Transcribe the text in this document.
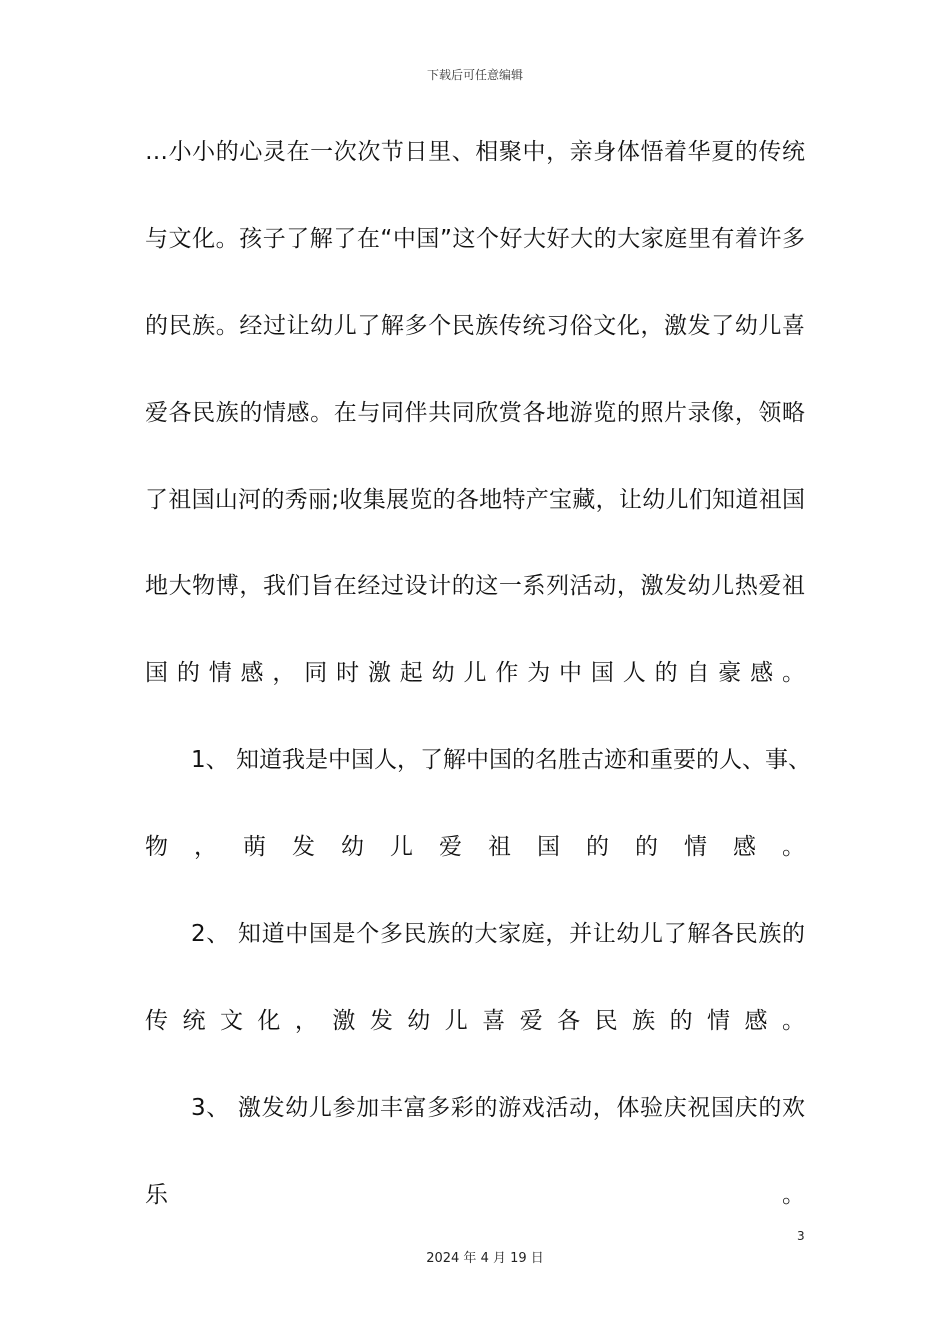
下载后可任意编辑
…小小的心灵在一次次节日里、相聚中，亲身体悟着华夏的传统
与文化。孩子了解了在“中国”这个好大好大的大家庭里有着许多
的民族。经过让幼儿了解多个民族传统习俗文化，激发了幼儿喜
爱各民族的情感。在与同伴共同欣赏各地游览的照片录像，领略
了祖国山河的秀丽;收集展览的各地特产宝藏，让幼儿们知道祖国
地大物博，我们旨在经过设计的这一系列活动，激发幼儿热爱祖
国的情感，同时激起幼儿作为中国人的自豪感。
1、 知道我是中国人，了解中国的名胜古迹和重要的人、事、
物，萌发幼儿爱祖国的的情感。
2、 知道中国是个多民族的大家庭，并让幼儿了解各民族的
传统文化，激发幼儿喜爱各民族的情感。
3、 激发幼儿参加丰富多彩的游戏活动，体验庆祝国庆的欢
乐	。
3
2024 年 4 月 19 日
